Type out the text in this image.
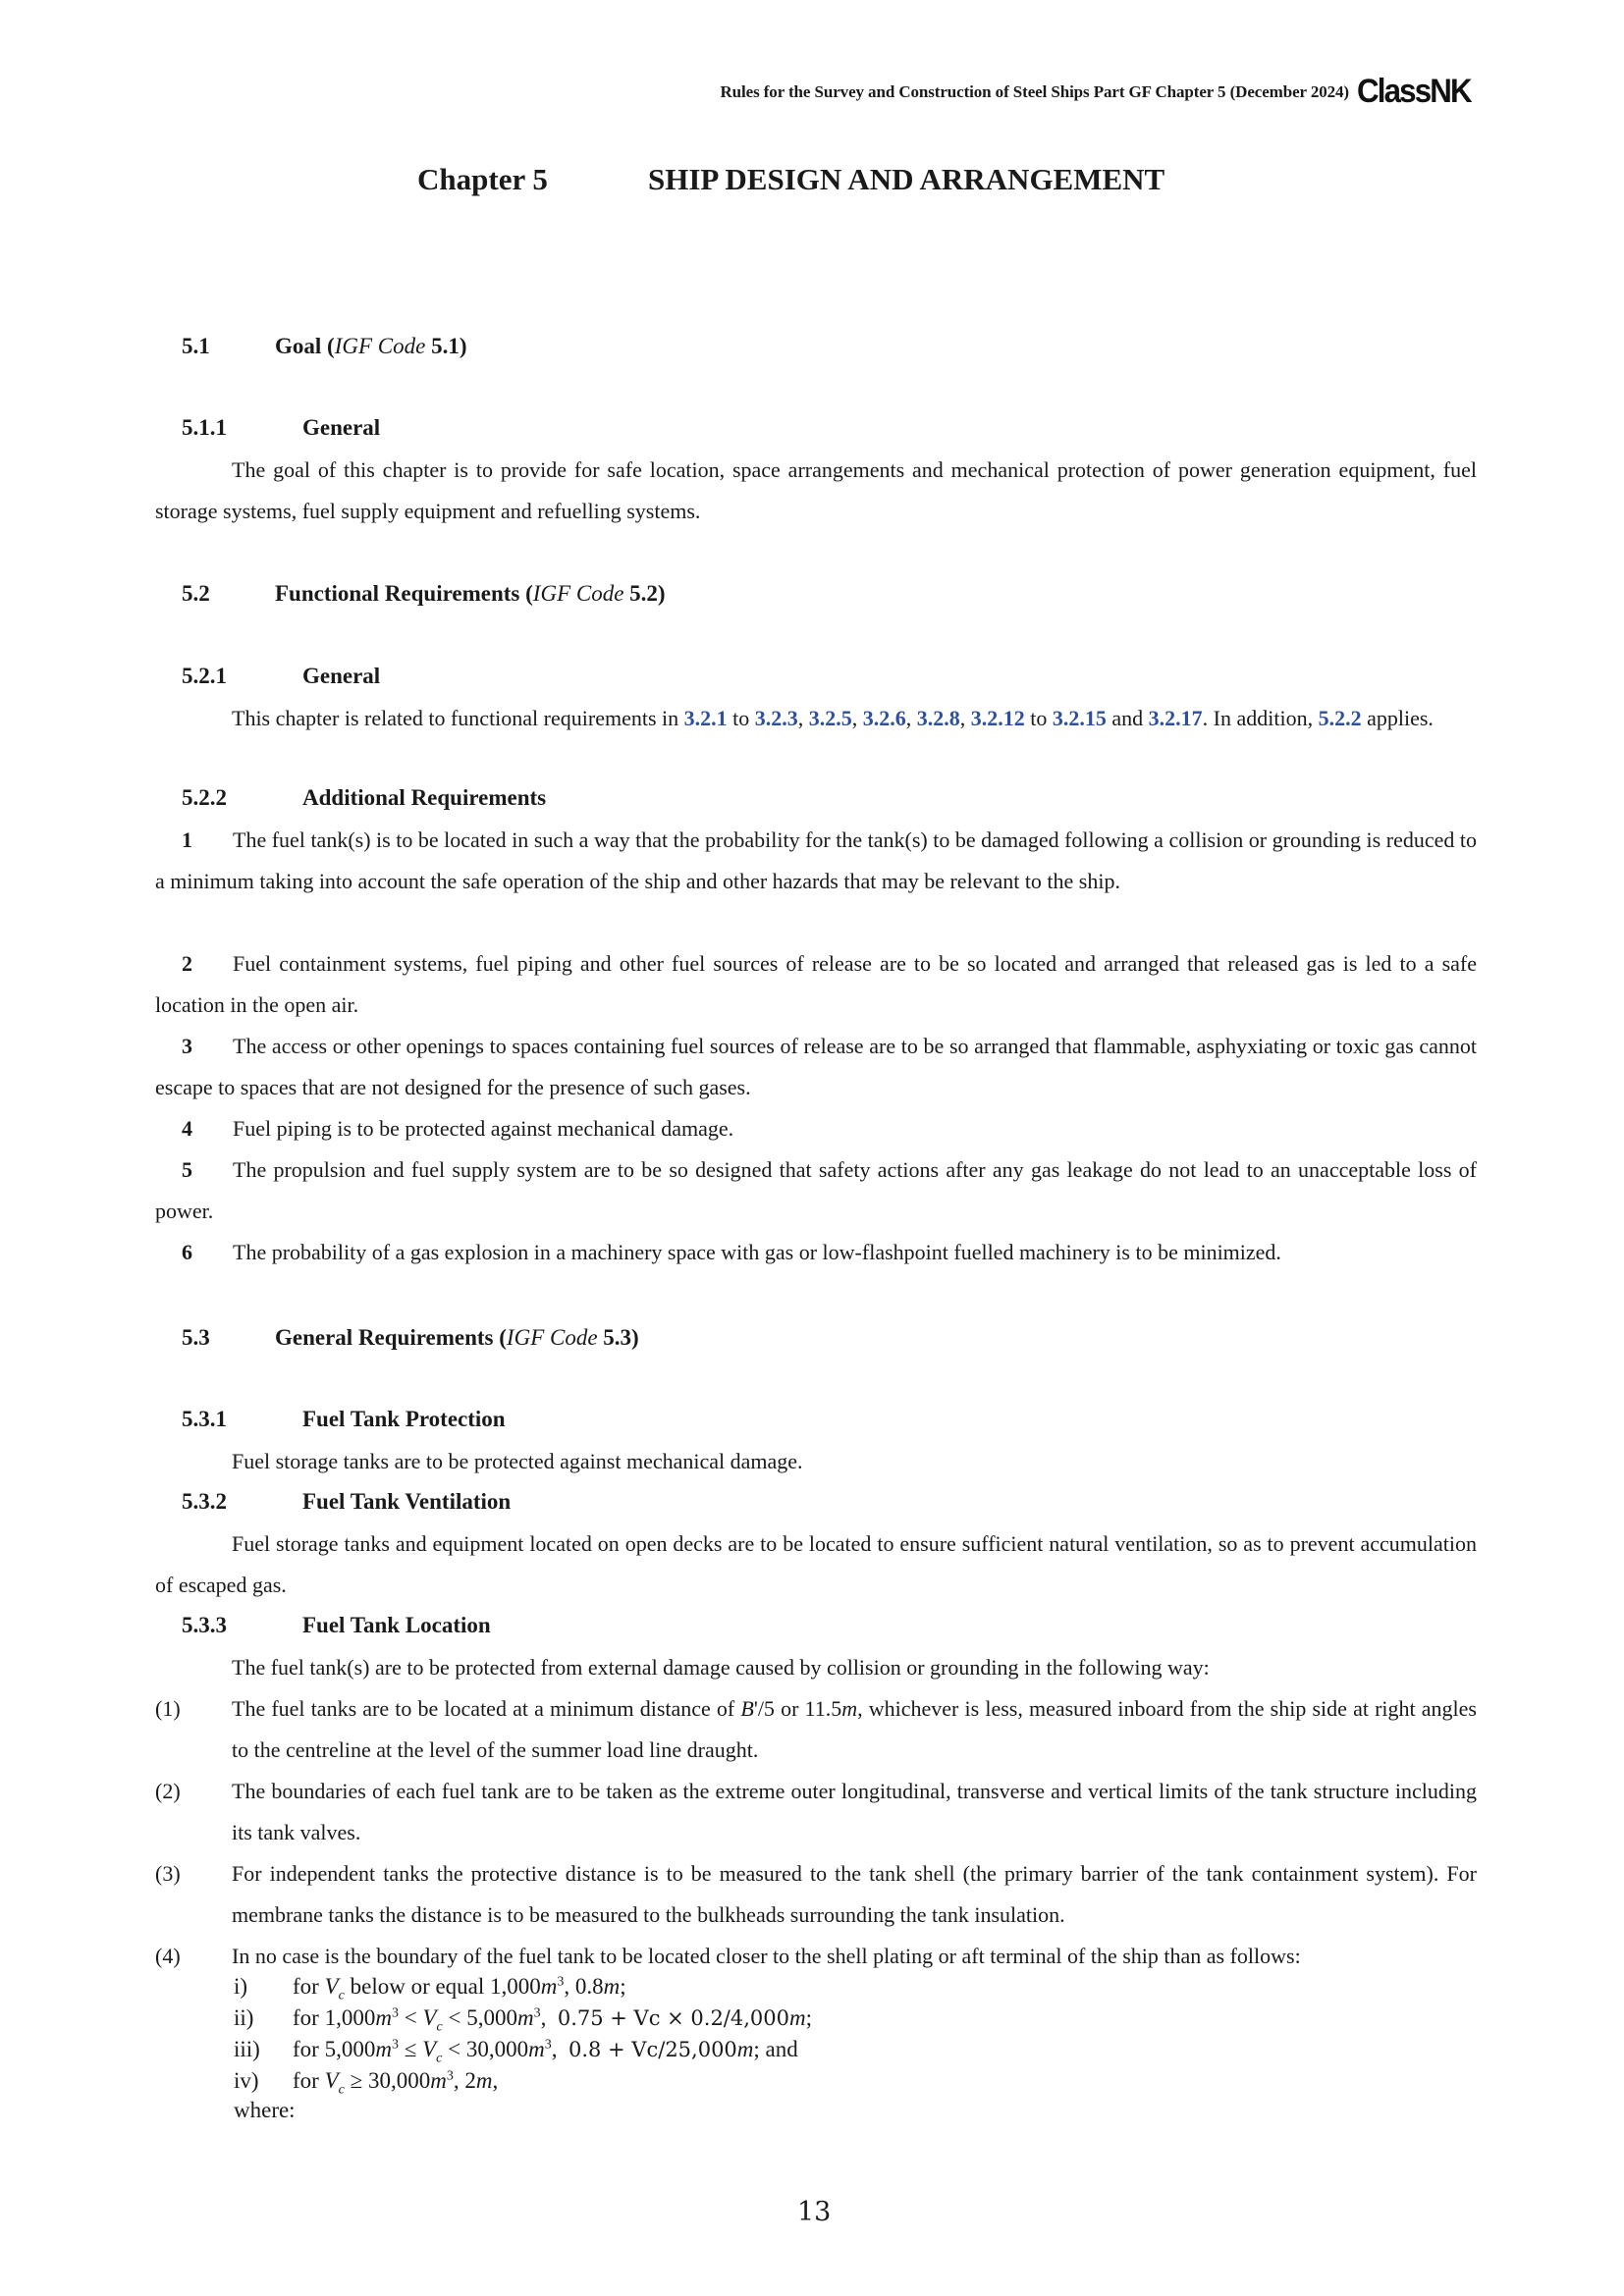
Rules for the Survey and Construction of Steel Ships Part GF Chapter 5 (December 2024) ClassNK
Chapter 5	SHIP DESIGN AND ARRANGEMENT
5.1	Goal (IGF Code 5.1)
5.1.1	General
The goal of this chapter is to provide for safe location, space arrangements and mechanical protection of power generation equipment, fuel storage systems, fuel supply equipment and refuelling systems.
5.2	Functional Requirements (IGF Code 5.2)
5.2.1	General
This chapter is related to functional requirements in 3.2.1 to 3.2.3, 3.2.5, 3.2.6, 3.2.8, 3.2.12 to 3.2.15 and 3.2.17. In addition, 5.2.2 applies.
5.2.2	Additional Requirements
1 The fuel tank(s) is to be located in such a way that the probability for the tank(s) to be damaged following a collision or grounding is reduced to a minimum taking into account the safe operation of the ship and other hazards that may be relevant to the ship.
2 Fuel containment systems, fuel piping and other fuel sources of release are to be so located and arranged that released gas is led to a safe location in the open air.
3 The access or other openings to spaces containing fuel sources of release are to be so arranged that flammable, asphyxiating or toxic gas cannot escape to spaces that are not designed for the presence of such gases.
4 Fuel piping is to be protected against mechanical damage.
5 The propulsion and fuel supply system are to be so designed that safety actions after any gas leakage do not lead to an unacceptable loss of power.
6 The probability of a gas explosion in a machinery space with gas or low-flashpoint fuelled machinery is to be minimized.
5.3	General Requirements (IGF Code 5.3)
5.3.1	Fuel Tank Protection
Fuel storage tanks are to be protected against mechanical damage.
5.3.2	Fuel Tank Ventilation
Fuel storage tanks and equipment located on open decks are to be located to ensure sufficient natural ventilation, so as to prevent accumulation of escaped gas.
5.3.3	Fuel Tank Location
The fuel tank(s) are to be protected from external damage caused by collision or grounding in the following way:
(1) The fuel tanks are to be located at a minimum distance of B'/5 or 11.5m, whichever is less, measured inboard from the ship side at right angles to the centreline at the level of the summer load line draught.
(2) The boundaries of each fuel tank are to be taken as the extreme outer longitudinal, transverse and vertical limits of the tank structure including its tank valves.
(3) For independent tanks the protective distance is to be measured to the tank shell (the primary barrier of the tank containment system). For membrane tanks the distance is to be measured to the bulkheads surrounding the tank insulation.
(4) In no case is the boundary of the fuel tank to be located closer to the shell plating or aft terminal of the ship than as follows:
i) for $V_c$ below or equal $1,000m^3$, 0.8m;
ii) for $1,000m^3 < V_c < 5,000m^3$,  0.75 + Vc × 0.2/4,000m;
iii) for $5,000m^3 \le V_c < 30,000m^3$,  0.8 + Vc/25,000m; and
iv) for $V_c \ge 30,000m^3$, 2m,
where:
13
